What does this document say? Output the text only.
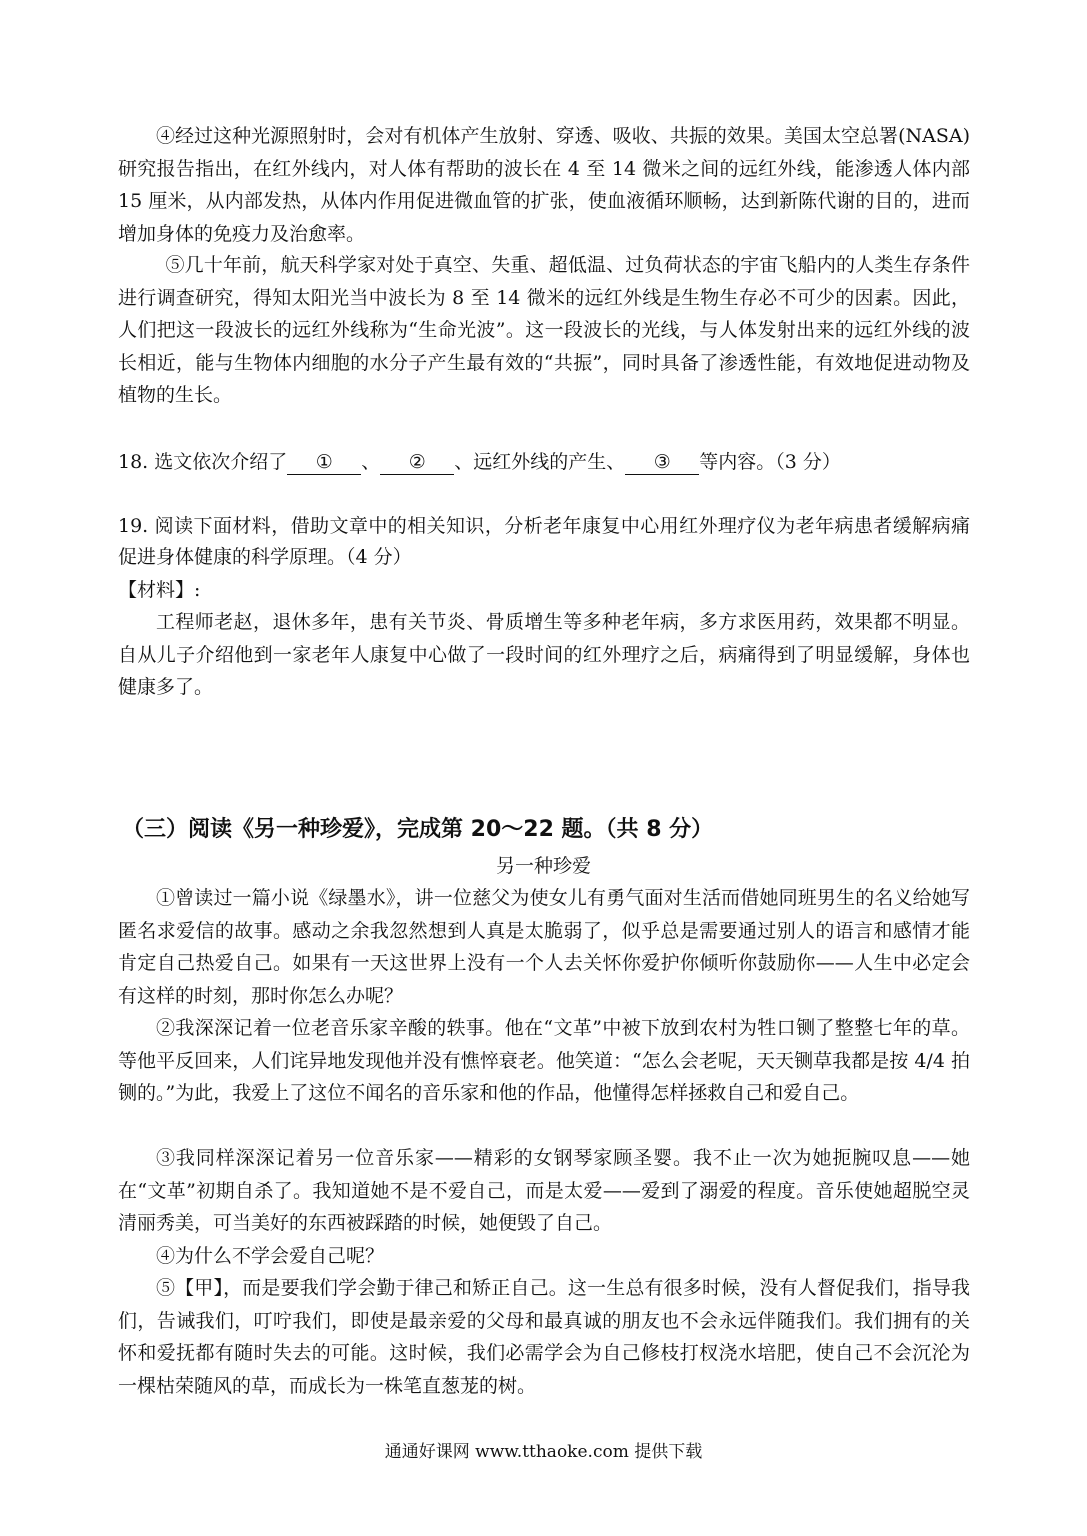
④经过这种光源照射时，会对有机体产生放射、穿透、吸收、共振的效果。美国太空总署(NASA)研究报告指出，在红外线内，对人体有帮助的波长在 4 至 14 微米之间的远红外线，能渗透人体内部 15 厘米，从内部发热，从体内作用促进微血管的扩张，使血液循环顺畅，达到新陈代谢的目的，进而增加身体的免疫力及治愈率。
⑤几十年前，航天科学家对处于真空、失重、超低温、过负荷状态的宇宙飞船内的人类生存条件进行调查研究，得知太阳光当中波长为 8 至 14 微米的远红外线是生物生存必不可少的因素。因此，人们把这一段波长的远红外线称为“生命光波”。这一段波长的光线，与人体发射出来的远红外线的波长相近，能与生物体内细胞的水分子产生最有效的“共振”，同时具备了渗透性能，有效地促进动物及植物的生长。
18. 选文依次介绍了 ① 、 ② 、远红外线的产生、 ③ 等内容。（3 分）
19. 阅读下面材料，借助文章中的相关知识，分析老年康复中心用红外理疗仪为老年病患者缓解病痛促进身体健康的科学原理。（4 分）
【材料】:
工程师老赵，退休多年，患有关节炎、骨质增生等多种老年病，多方求医用药，效果都不明显。自从儿子介绍他到一家老年人康复中心做了一段时间的红外理疗之后，病痛得到了明显缓解，身体也健康多了。
（三）阅读《另一种珍爱》，完成第 20～22 题。（共 8 分）
另一种珍爱
①曾读过一篇小说《绿墨水》，讲一位慈父为使女儿有勇气面对生活而借她同班男生的名义给她写匿名求爱信的故事。感动之余我忽然想到人真是太脆弱了，似乎总是需要通过别人的语言和感情才能肯定自己热爱自己。如果有一天这世界上没有一个人去关怀你爱护你倾听你鼓励你——人生中必定会有这样的时刻，那时你怎么办呢？
②我深深记着一位老音乐家辛酸的轶事。他在“文革”中被下放到农村为牲口铡了整整七年的草。等他平反回来，人们诧异地发现他并没有憔悴衰老。他笑道：“怎么会老呢，天天铡草我都是按 4/4 拍铡的。”为此，我爱上了这位不闻名的音乐家和他的作品，他懂得怎样拯救自己和爱自己。
③我同样深深记着另一位音乐家——精彩的女钢琴家顾圣婴。我不止一次为她扼腕叹息——她在“文革”初期自杀了。我知道她不是不爱自己，而是太爱——爱到了溺爱的程度。音乐使她超脱空灵清丽秀美，可当美好的东西被踩踏的时候，她便毁了自己。
④为什么不学会爱自己呢？
⑤【甲】，而是要我们学会勤于律己和矫正自己。这一生总有很多时候，没有人督促我们，指导我们，告诫我们，叮咛我们，即使是最亲爱的父母和最真诚的朋友也不会永远伴随我们。我们拥有的关怀和爱抚都有随时失去的可能。这时候，我们必需学会为自己修枝打杈浇水培肥，使自己不会沉沦为一棵枯荣随风的草，而成长为一株笔直葱茏的树。
通通好课网 www.tthaoke.com 提供下载
